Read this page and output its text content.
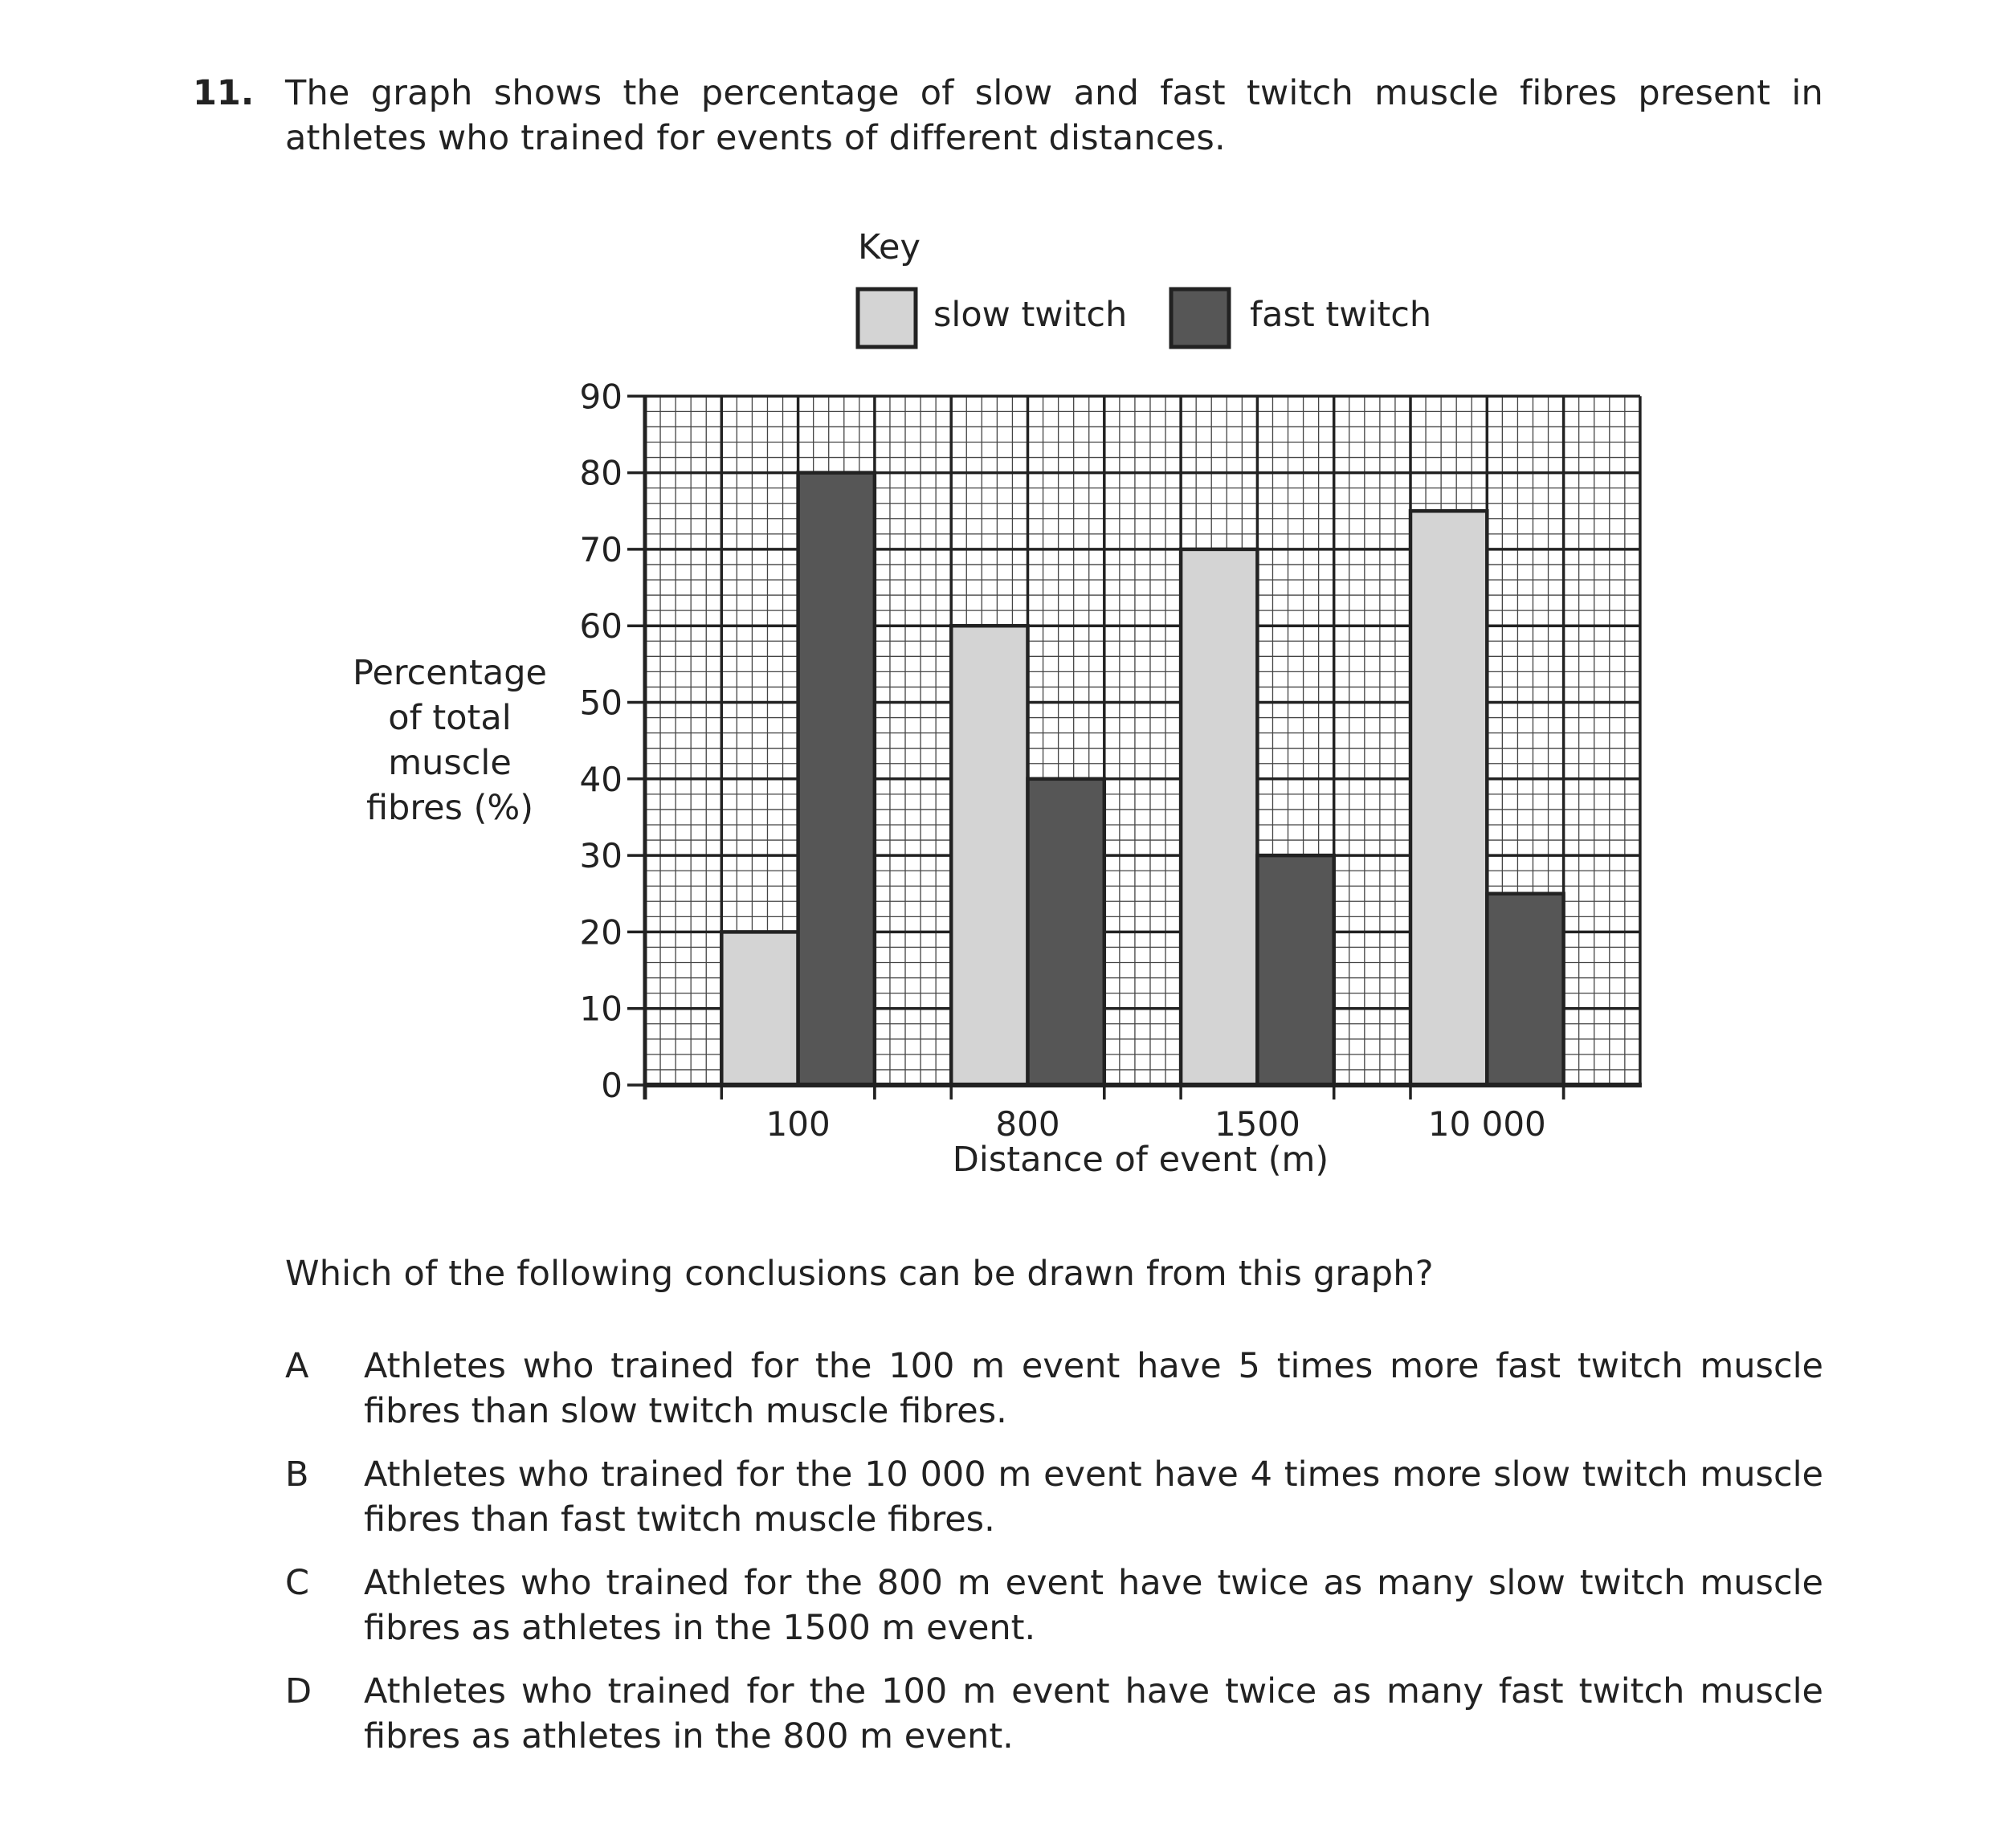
11. The graph shows the percentage of slow and fast twitch muscle fibres present in athletes who trained for events of different distances.
0
10
20
30
40
50
60
70
80
90
100	800	1500	10 000
Percentage
of total
muscle
fibres (%)
Distance of event (m)
Key
slow twitch	fast twitch
Which of the following conclusions can be drawn from this graph?
A Athletes who trained for the 100 m event have 5 times more fast twitch muscle fibres than slow twitch muscle fibres.
B Athletes who trained for the 10 000 m event have 4 times more slow twitch muscle fibres than fast twitch muscle fibres.
C Athletes who trained for the 800 m event have twice as many slow twitch muscle fibres as athletes in the 1500 m event.
D Athletes who trained for the 100 m event have twice as many fast twitch muscle fibres as athletes in the 800 m event.
